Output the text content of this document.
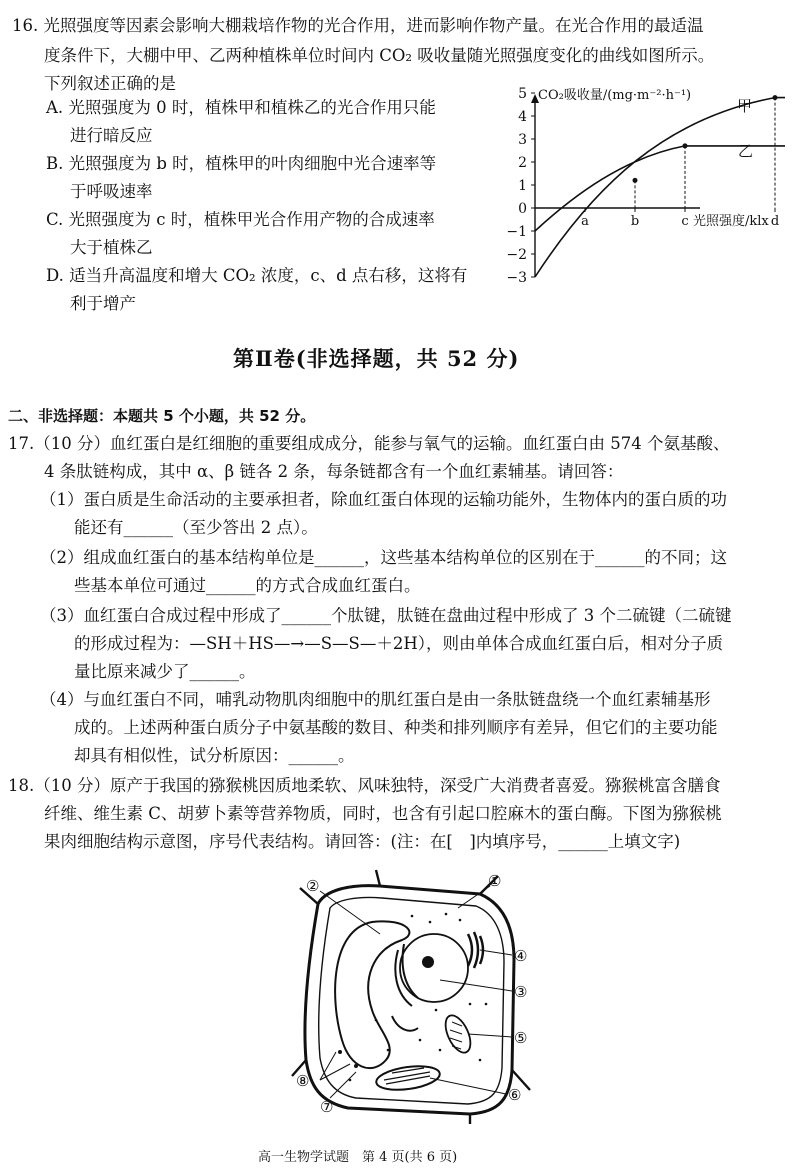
16. 光照强度等因素会影响大棚栽培作物的光合作用，进而影响作物产量。在光合作用的最适温
度条件下，大棚中甲、乙两种植株单位时间内 CO₂ 吸收量随光照强度变化的曲线如图所示。
下列叙述正确的是
A. 光照强度为 0 时，植株甲和植株乙的光合作用只能
进行暗反应
B. 光照强度为 b 时，植株甲的叶肉细胞中光合速率等
于呼吸速率
C. 光照强度为 c 时，植株甲光合作用产物的合成速率
大于植株乙
D. 适当升高温度和增大 CO₂ 浓度，c、d 点右移，这将有
利于增产
CO₂吸收量/(mg·m⁻²·h⁻¹)
5
4
3
2
1
0
−1
−2
−3
a	b	c	d
光照强度/klx
甲
乙
第Ⅱ卷(非选择题，共 52 分)
二、非选择题：本题共 5 个小题，共 52 分。
17.（10 分）血红蛋白是红细胞的重要组成成分，能参与氧气的运输。血红蛋白由 574 个氨基酸、
4 条肽链构成，其中 α、β 链各 2 条，每条链都含有一个血红素辅基。请回答：
（1）蛋白质是生命活动的主要承担者，除血红蛋白体现的运输功能外，生物体内的蛋白质的功
能还有______（至少答出 2 点）。
（2）组成血红蛋白的基本结构单位是______，这些基本结构单位的区别在于______的不同；这
些基本单位可通过______的方式合成血红蛋白。
（3）血红蛋白合成过程中形成了______个肽键，肽链在盘曲过程中形成了 3 个二硫键（二硫键
的形成过程为：—SH＋HS—→—S—S—＋2H），则由单体合成血红蛋白后，相对分子质
量比原来减少了______。
（4）与血红蛋白不同，哺乳动物肌肉细胞中的肌红蛋白是由一条肽链盘绕一个血红素辅基形
成的。上述两种蛋白质分子中氨基酸的数目、种类和排列顺序有差异，但它们的主要功能
却具有相似性，试分析原因：______。
18.（10 分）原产于我国的猕猴桃因质地柔软、风味独特，深受广大消费者喜爱。猕猴桃富含膳食
纤维、维生素 C、胡萝卜素等营养物质，同时，也含有引起口腔麻木的蛋白酶。下图为猕猴桃
果肉细胞结构示意图，序号代表结构。请回答：(注：在[　]内填序号，______上填文字)
①
②
③
④
⑤
⑥
⑦
⑧
高一生物学试题　第 4 页(共 6 页)
